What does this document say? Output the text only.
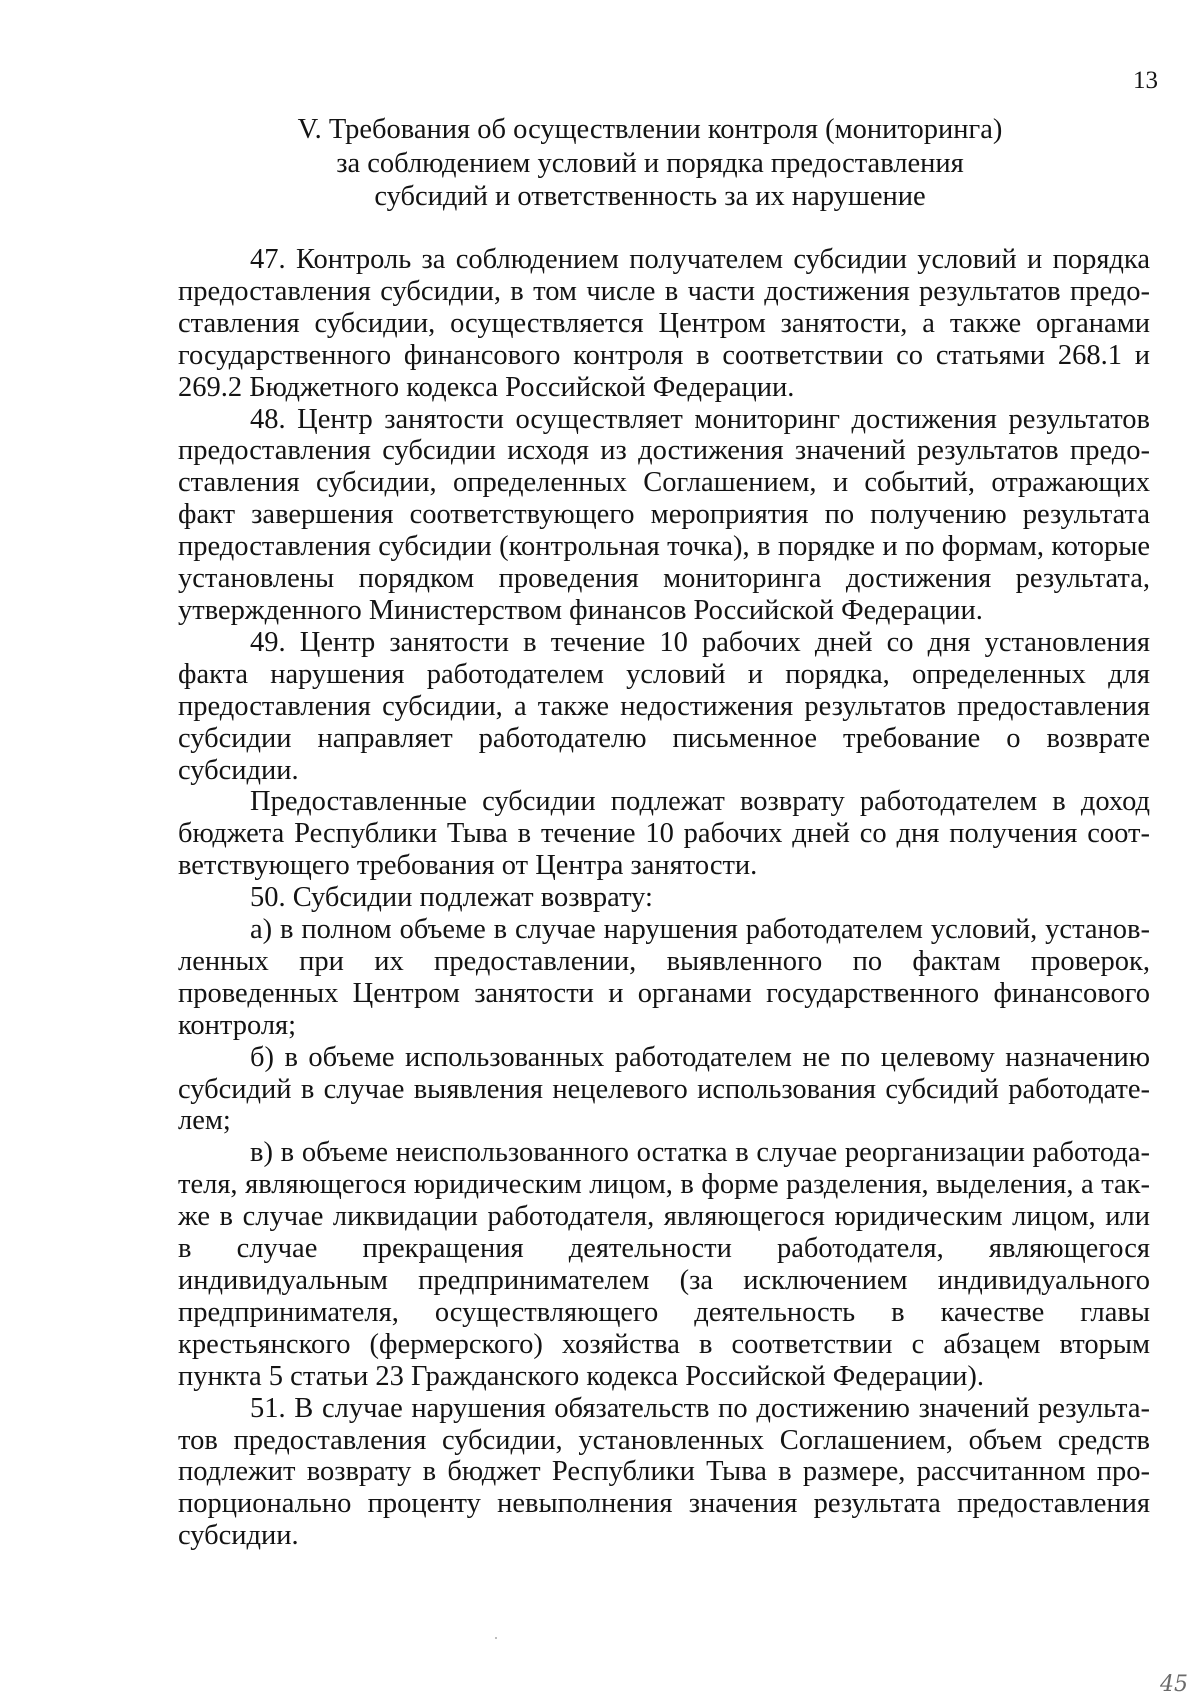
13
V. Требования об осуществлении контроля (мониторинга)
за соблюдением условий и порядка предоставления
субсидий и ответственность за их нарушение

47. Контроль за соблюдением получателем субсидии условий и порядка предоставления субсидии, в том числе в части достижения результатов предоставления субсидии, осуществляется Центром занятости, а также органами государственного финансового контроля в соответствии со статьями 268.1 и 269.2 Бюджетного кодекса Российской Федерации.

48. Центр занятости осуществляет мониторинг достижения результатов предоставления субсидии исходя из достижения значений результатов предоставления субсидии, определенных Соглашением, и событий, отражающих факт завершения соответствующего мероприятия по получению результата предоставления субсидии (контрольная точка), в порядке и по формам, которые установлены порядком проведения мониторинга достижения результата, утвержденного Министерством финансов Российской Федерации.

49. Центр занятости в течение 10 рабочих дней со дня установления факта нарушения работодателем условий и порядка, определенных для предоставления субсидии, а также недостижения результатов предоставления субсидии направляет работодателю письменное требование о возврате субсидии.

Предоставленные субсидии подлежат возврату работодателем в доход бюджета Республики Тыва в течение 10 рабочих дней со дня получения соответствующего требования от Центра занятости.

50. Субсидии подлежат возврату:

а) в полном объеме в случае нарушения работодателем условий, установленных при их предоставлении, выявленного по фактам проверок, проведенных Центром занятости и органами государственного финансового контроля;

б) в объеме использованных работодателем не по целевому назначению субсидий в случае выявления нецелевого использования субсидий работодателем;

в) в объеме неиспользованного остатка в случае реорганизации работодателя, являющегося юридическим лицом, в форме разделения, выделения, а также в случае ликвидации работодателя, являющегося юридическим лицом, или в случае прекращения деятельности работодателя, являющегося индивидуальным предпринимателем (за исключением индивидуального предпринимателя, осуществляющего деятельность в качестве главы крестьянского (фермерского) хозяйства в соответствии с абзацем вторым пункта 5 статьи 23 Гражданского кодекса Российской Федерации).

51. В случае нарушения обязательств по достижению значений результатов предоставления субсидии, установленных Соглашением, объем средств подлежит возврату в бюджет Республики Тыва в размере, рассчитанном пропорционально проценту невыполнения значения результата предоставления субсидии.

45
